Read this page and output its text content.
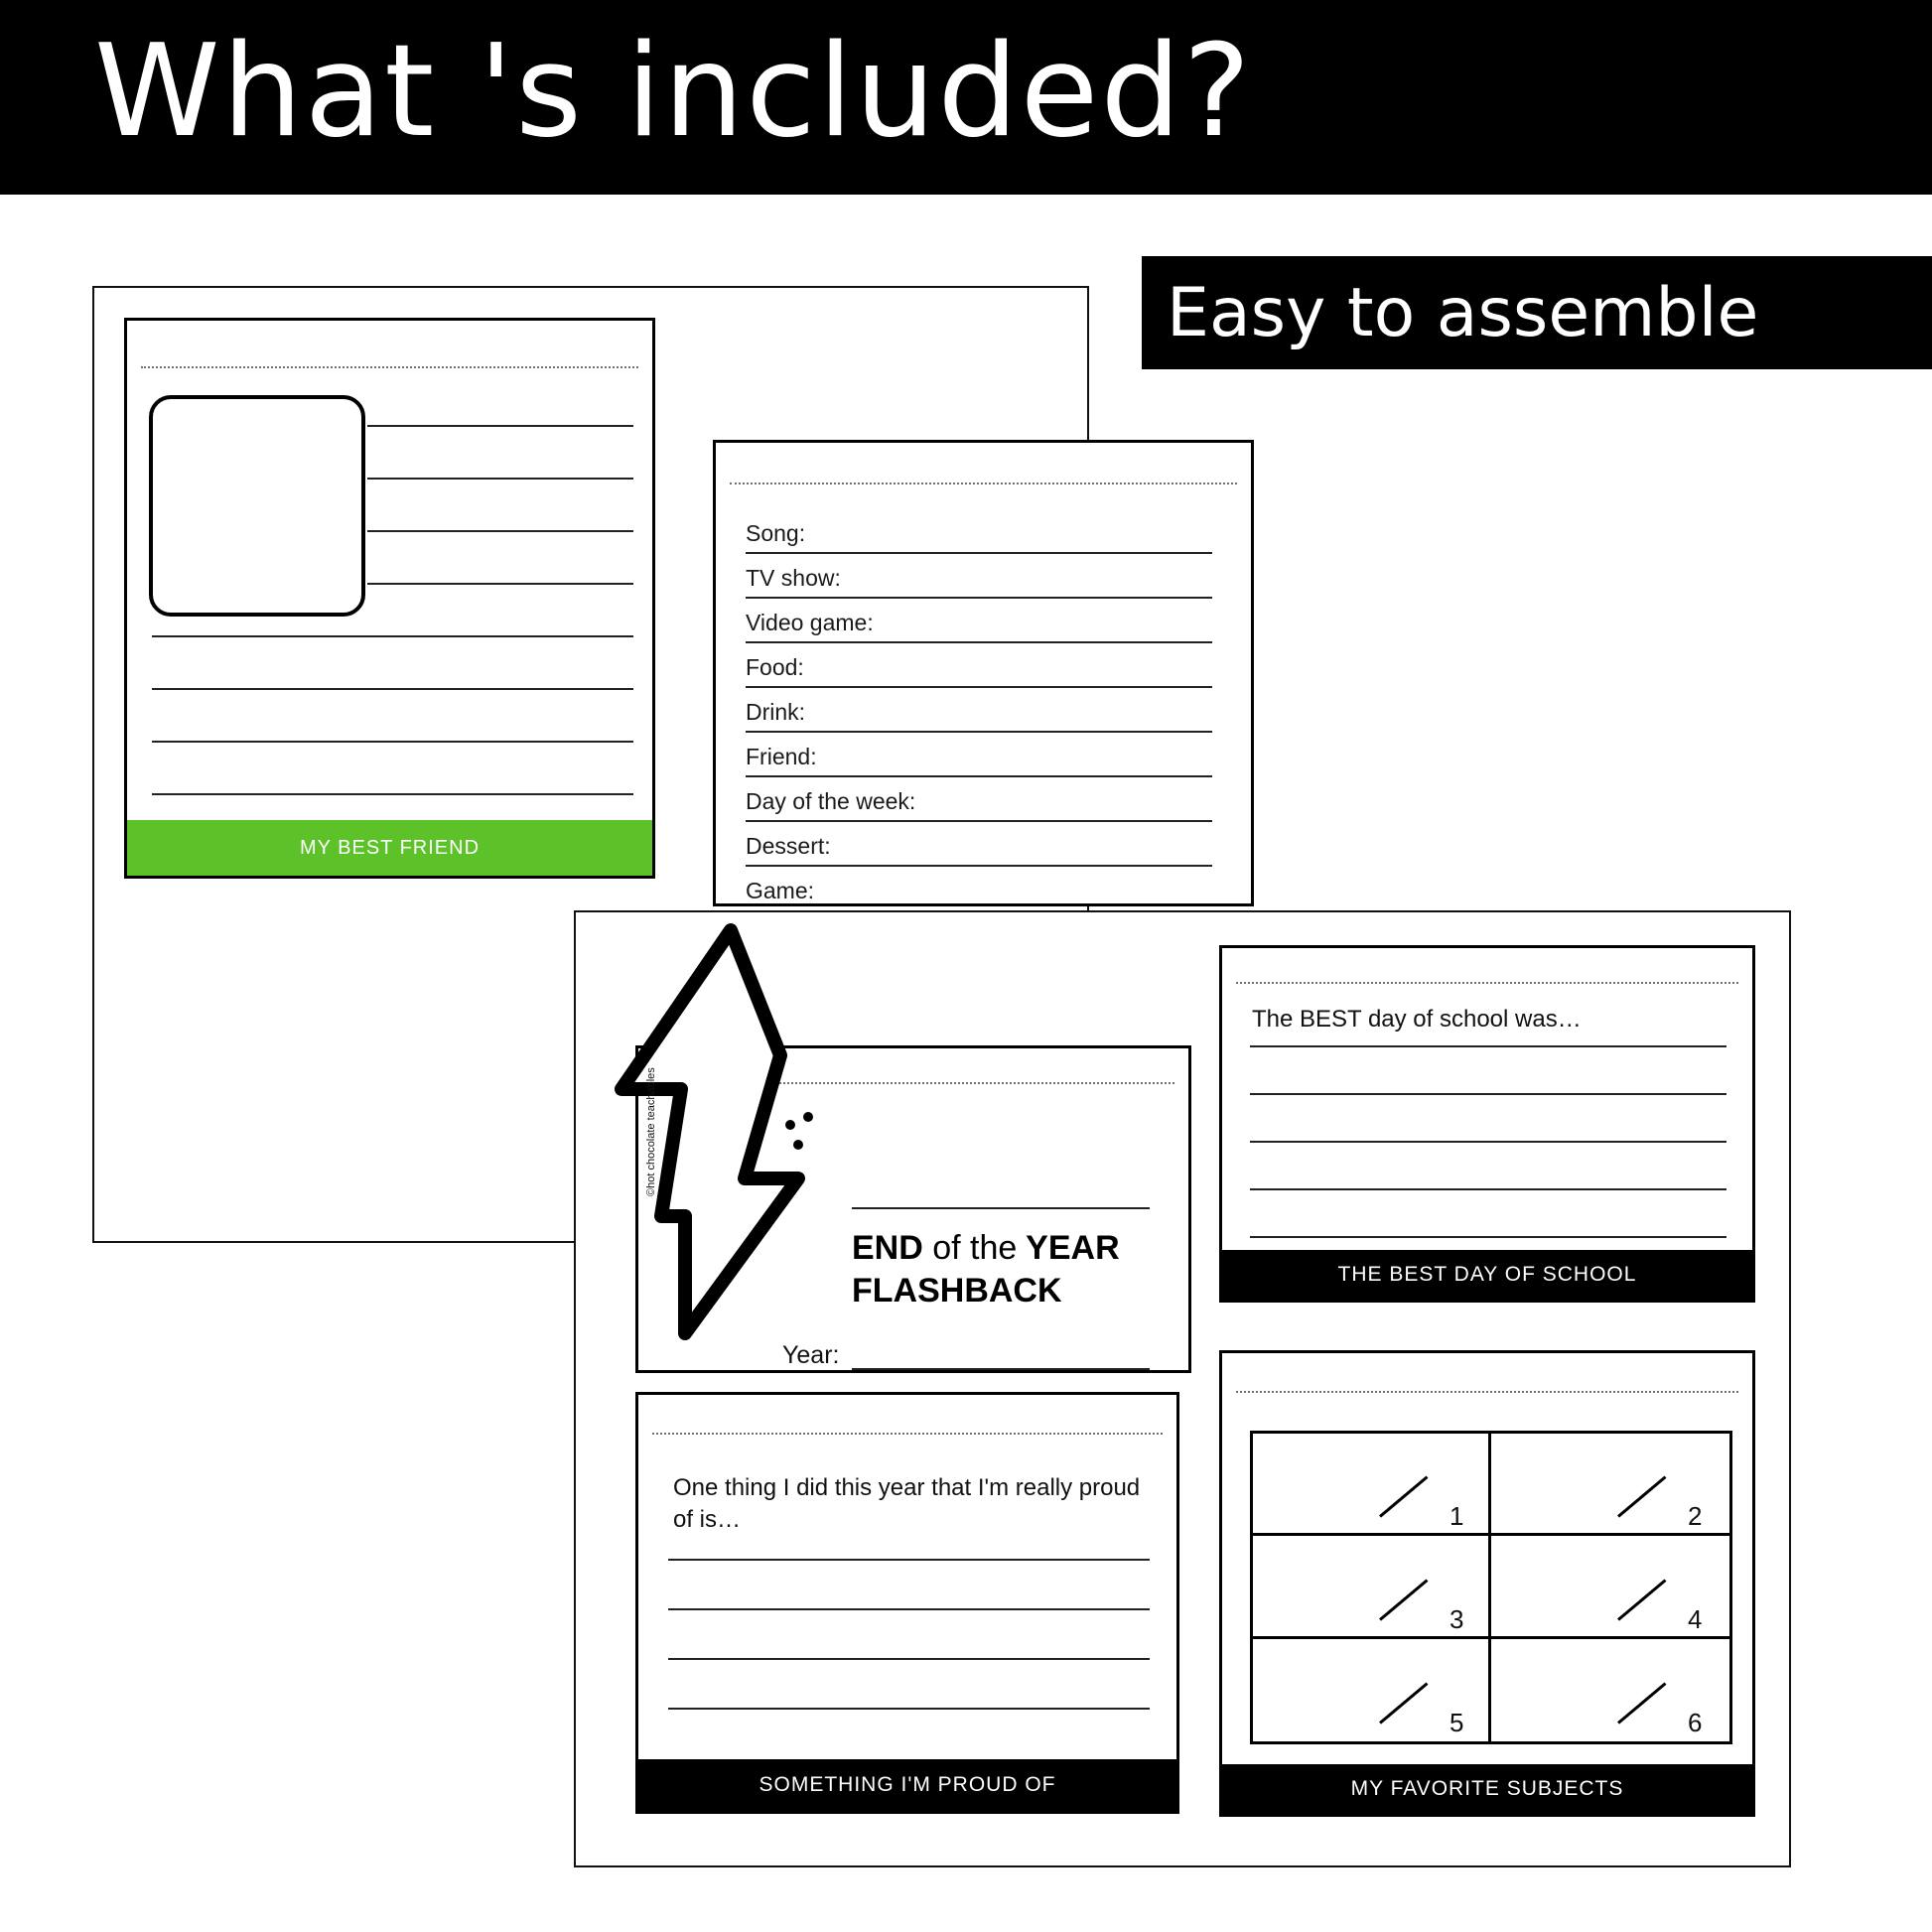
What 's included?
Easy to assemble
MY BEST FRIEND
Song:
TV show:
Video game:
Food:
Drink:
Friend:
Day of the week:
Dessert:
Game:
END of the YEAR
FLASHBACK
Year:
©hot chocolate teachables
The BEST day of school was…
THE BEST DAY OF SCHOOL
One thing I did this year that I'm really proud of is…
SOMETHING I'M PROUD OF
1	2
3	4
5	6
MY FAVORITE SUBJECTS
